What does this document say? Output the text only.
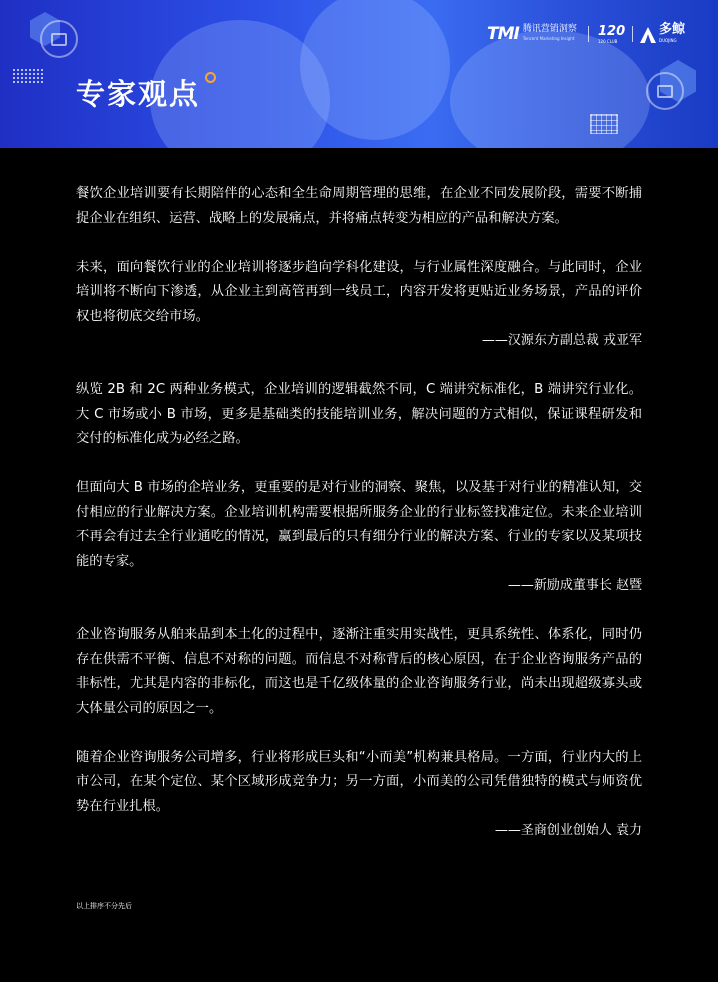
专家观点
TMI 腾讯营销洞察
Tencent Marketing Insight 120
120 CLUB
多鲸
DUOJING

餐饮企业培训要有长期陪伴的心态和全生命周期管理的思维，在企业不同发展阶段，需要不断捕捉企业在组织、运营、战略上的发展痛点，并将痛点转变为相应的产品和解决方案。

未来，面向餐饮行业的企业培训将逐步趋向学科化建设，与行业属性深度融合。与此同时，企业培训将不断向下渗透，从企业主到高管再到一线员工，内容开发将更贴近业务场景，产品的评价权也将彻底交给市场。

——汉源东方副总裁 戎亚军

纵览 2B 和 2C 两种业务模式，企业培训的逻辑截然不同，C 端讲究标准化，B 端讲究行业化。大 C 市场或小 B 市场，更多是基础类的技能培训业务，解决问题的方式相似，保证课程研发和交付的标准化成为必经之路。

但面向大 B 市场的企培业务，更重要的是对行业的洞察、聚焦，以及基于对行业的精准认知，交付相应的行业解决方案。企业培训机构需要根据所服务企业的行业标签找准定位。未来企业培训不再会有过去全行业通吃的情况，赢到最后的只有细分行业的解决方案、行业的专家以及某项技能的专家。

——新励成董事长 赵暨

企业咨询服务从舶来品到本土化的过程中，逐渐注重实用实战性，更具系统性、体系化，同时仍存在供需不平衡、信息不对称的问题。而信息不对称背后的核心原因，在于企业咨询服务产品的非标性，尤其是内容的非标化，而这也是千亿级体量的企业咨询服务行业，尚未出现超级寡头或大体量公司的原因之一。

随着企业咨询服务公司增多，行业将形成巨头和“小而美”机构兼具格局。一方面，行业内大的上市公司，在某个定位、某个区域形成竞争力；另一方面，小而美的公司凭借独特的模式与师资优势在行业扎根。

——圣商创业创始人 袁力
以上排序不分先后
